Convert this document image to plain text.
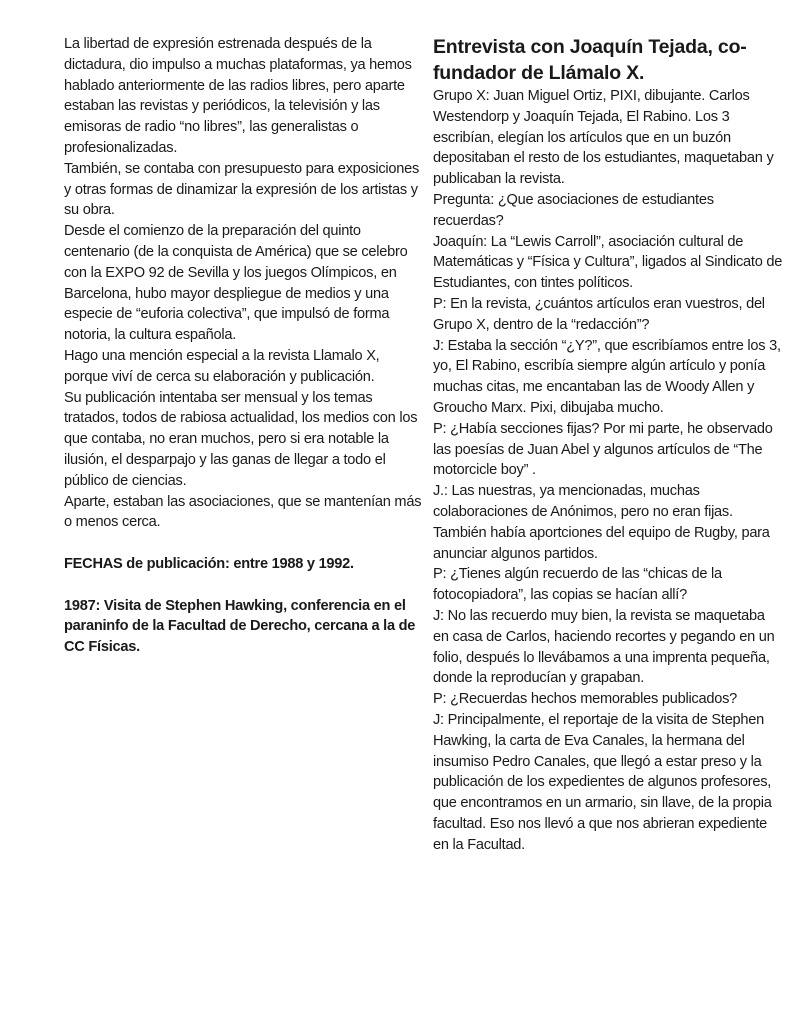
La libertad de expresión estrenada después de la dictadura, dio impulso a muchas plataformas, ya hemos hablado anteriormente de las radios libres, pero aparte estaban las revistas y periódicos, la televisión y las emisoras de radio “no libres”, las generalistas o profesionalizadas.

También, se contaba con presupuesto para exposiciones y otras formas de dinamizar la expresión de los artistas y su obra.

Desde el comienzo de la preparación del quinto centenario (de la conquista de América) que se celebro con la EXPO 92 de Sevilla y los juegos Olímpicos, en Barcelona, hubo mayor despliegue de medios y una especie de “euforia colectiva”, que impulsó de forma notoria, la cultura española.

Hago una mención especial a la revista Llamalo X, porque viví de cerca su elaboración y publicación.

Su publicación intentaba ser mensual y los temas tratados, todos de rabiosa actualidad, los medios con los que contaba, no eran muchos, pero si era notable la ilusión, el desparpajo y las ganas de llegar a todo el público de ciencias.

Aparte, estaban las asociaciones, que se mantenían más o menos cerca.

FECHAS de publicación: entre 1988 y 1992.

1987: Visita de Stephen Hawking, conferencia en el paraninfo de la Facultad de Derecho, cercana a la de CC Físicas.

Entrevista con Joaquín Tejada, co-fundador de Llámalo X.

Grupo X: Juan Miguel Ortiz, PIXI, dibujante. Carlos Westendorp y Joaquín Tejada, El Rabino. Los 3 escribían, elegían los artículos que en un buzón depositaban el resto de los estudiantes, maquetaban y publicaban la revista.

Pregunta: ¿Que asociaciones de estudiantes recuerdas?

Joaquín: La “Lewis Carroll”, asociación cultural de Matemáticas y “Física y Cultura”, ligados al Sindicato de Estudiantes, con tintes políticos.

P: En la revista, ¿cuántos artículos eran vuestros, del Grupo X, dentro de la “redacción”?

J: Estaba la sección “¿Y?”, que escribíamos entre los 3, yo, El Rabino, escribía siempre algún artículo y ponía muchas citas, me encantaban las de Woody Allen y Groucho Marx. Pixi, dibujaba mucho.

P: ¿Había secciones fijas? Por mi parte, he observado las poesías de Juan Abel y algunos artículos de “The motorcicle boy” .

J.: Las nuestras, ya mencionadas, muchas colaboraciones de Anónimos, pero no eran fijas. También había aportciones del equipo de Rugby, para anunciar algunos partidos.

P: ¿Tienes algún recuerdo de las “chicas de la fotocopiadora”, las copias se hacían allí?

J: No las recuerdo muy bien, la revista se maquetaba en casa de Carlos, haciendo recortes y pegando en un folio, después lo llevábamos a una imprenta pequeña, donde la reproducían y grapaban.

P: ¿Recuerdas hechos memorables publicados?

J: Principalmente, el reportaje de la visita de Stephen Hawking, la carta de Eva Canales, la hermana del insumiso Pedro Canales, que llegó a estar preso y la publicación de los expedientes de algunos profesores, que encontramos en un armario, sin llave, de la propia facultad. Eso nos llevó a que nos abrieran expediente en la Facultad.
